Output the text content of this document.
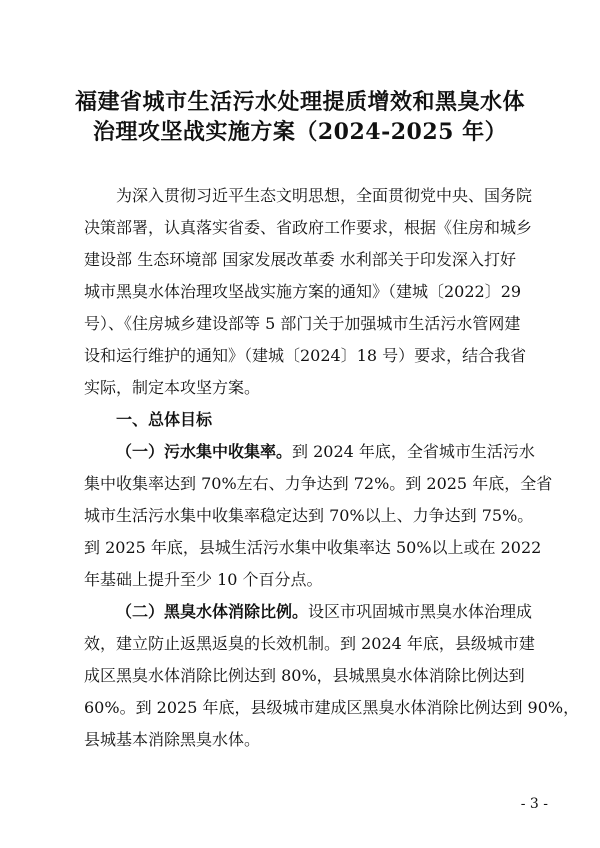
福建省城市生活污水处理提质增效和黑臭水体
治理攻坚战实施方案（2024-2025 年）
为深入贯彻习近平生态文明思想，全面贯彻党中央、国务院
决策部署，认真落实省委、省政府工作要求，根据《住房和城乡
建设部 生态环境部 国家发展改革委 水利部关于印发深入打好
城市黑臭水体治理攻坚战实施方案的通知》（建城〔2022〕29
号）、《住房城乡建设部等 5 部门关于加强城市生活污水管网建
设和运行维护的通知》（建城〔2024〕18 号）要求，结合我省
实际，制定本攻坚方案。
一、总体目标
（一）污水集中收集率。到 2024 年底，全省城市生活污水
集中收集率达到 70%左右、力争达到 72%。到 2025 年底，全省
城市生活污水集中收集率稳定达到 70%以上、力争达到 75%。
到 2025 年底，县城生活污水集中收集率达 50%以上或在 2022
年基础上提升至少 10 个百分点。
（二）黑臭水体消除比例。设区市巩固城市黑臭水体治理成
效，建立防止返黑返臭的长效机制。到 2024 年底，县级城市建
成区黑臭水体消除比例达到 80%，县城黑臭水体消除比例达到
60%。到 2025 年底，县级城市建成区黑臭水体消除比例达到 90%，
县城基本消除黑臭水体。
- 3 -
